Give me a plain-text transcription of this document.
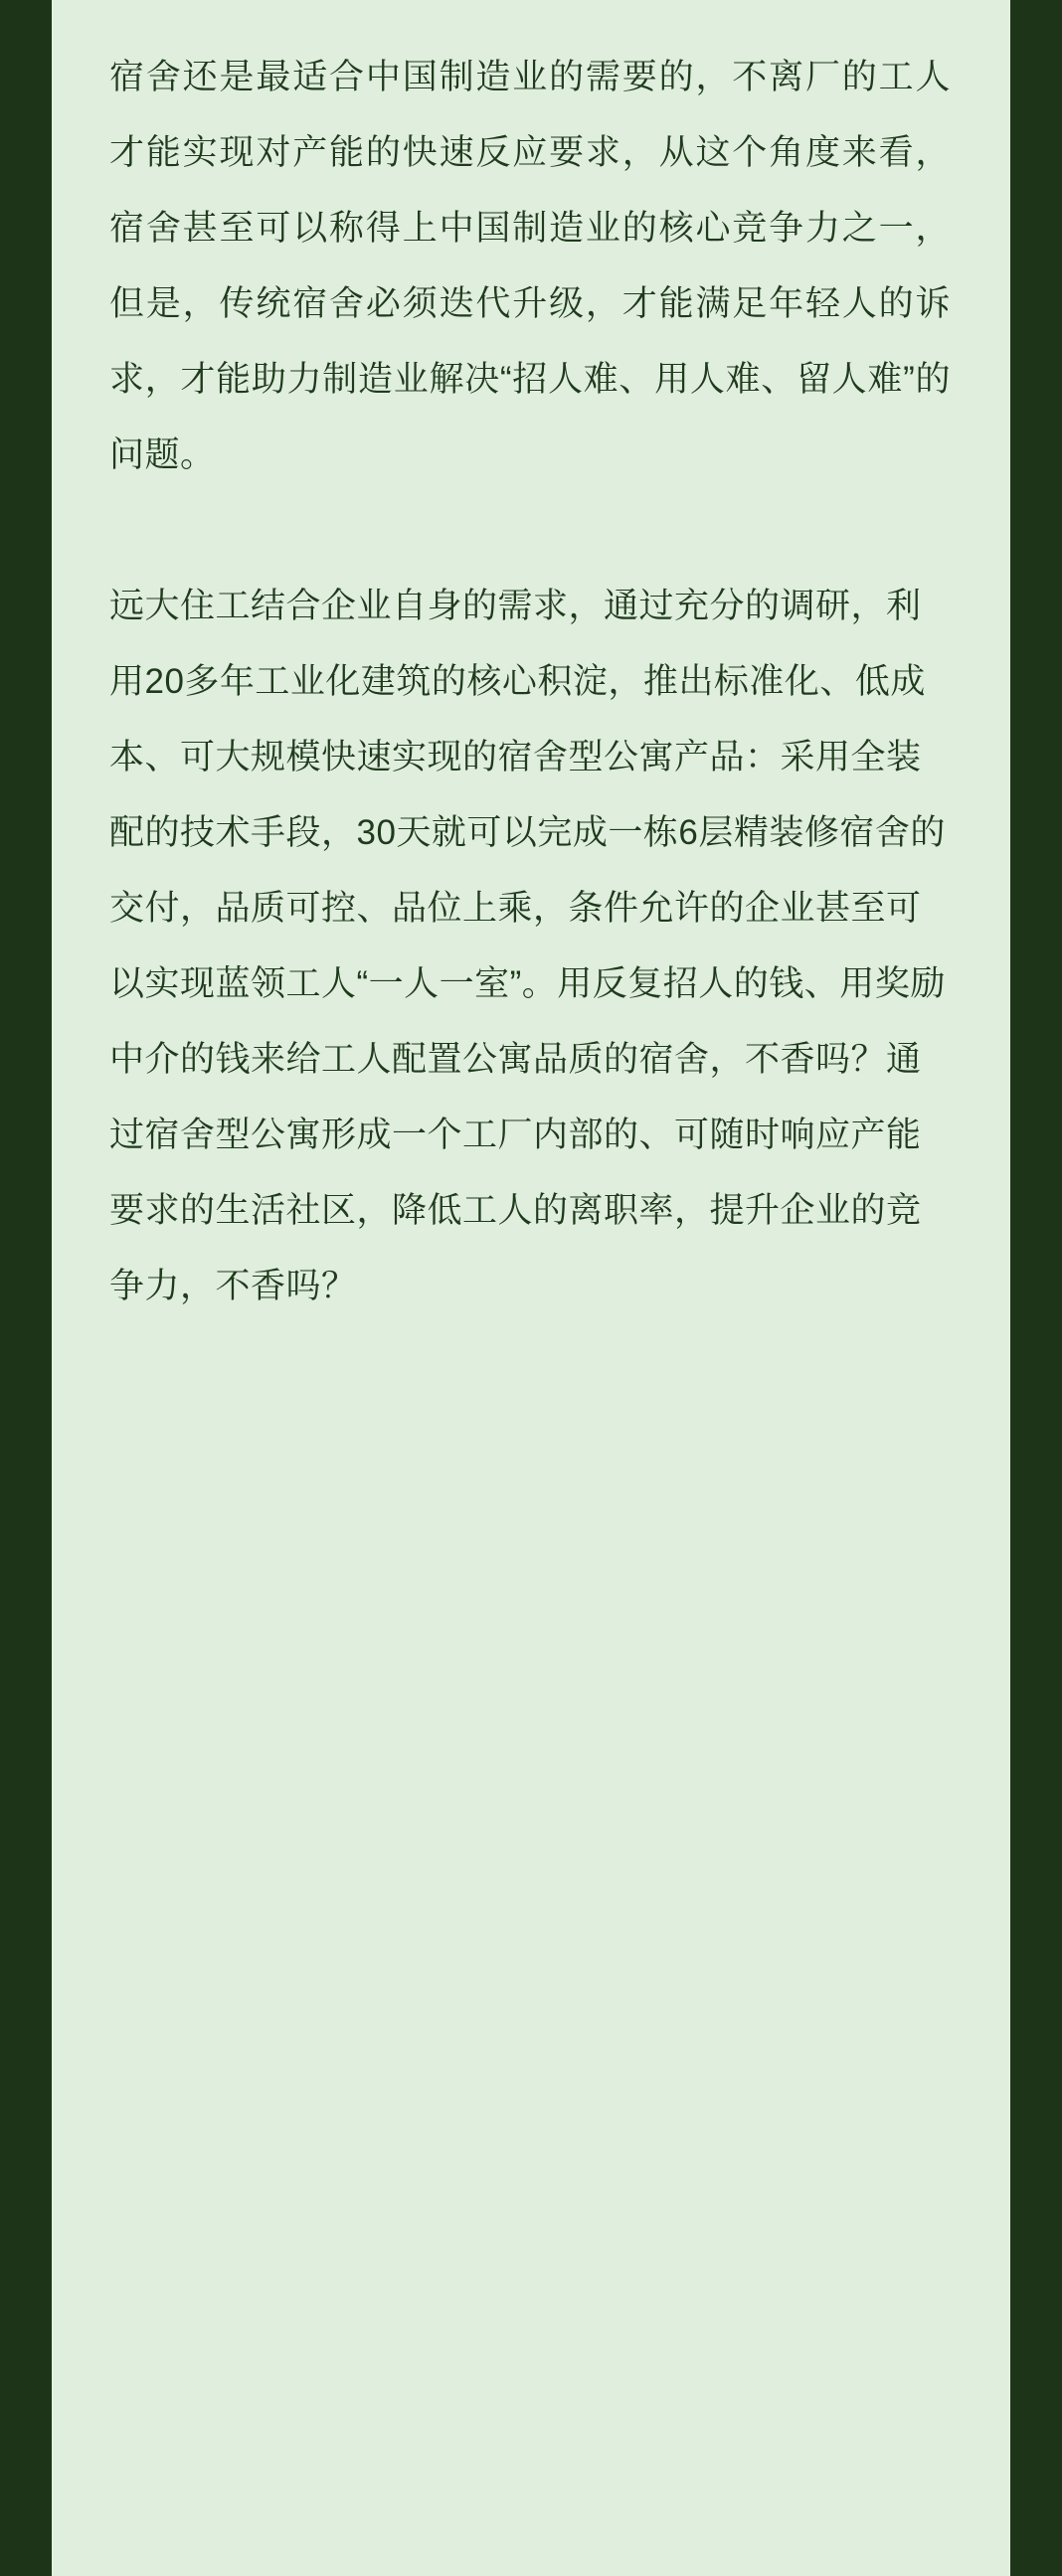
宿舍还是最适合中国制造业的需要的，不离厂的工人才能实现对产能的快速反应要求，从这个角度来看，宿舍甚至可以称得上中国制造业的核心竞争力之一，但是，传统宿舍必须迭代升级，才能满足年轻人的诉求，才能助力制造业解决“招人难、用人难、留人难”的问题。

远大住工结合企业自身的需求，通过充分的调研，利用20多年工业化建筑的核心积淀，推出标准化、低成本、可大规模快速实现的宿舍型公寓产品：采用全装配的技术手段，30天就可以完成一栋6层精装修宿舍的交付，品质可控、品位上乘，条件允许的企业甚至可以实现蓝领工人“一人一室”。用反复招人的钱、用奖励中介的钱来给工人配置公寓品质的宿舍，不香吗？通过宿舍型公寓形成一个工厂内部的、可随时响应产能要求的生活社区，降低工人的离职率，提升企业的竞争力，不香吗？
